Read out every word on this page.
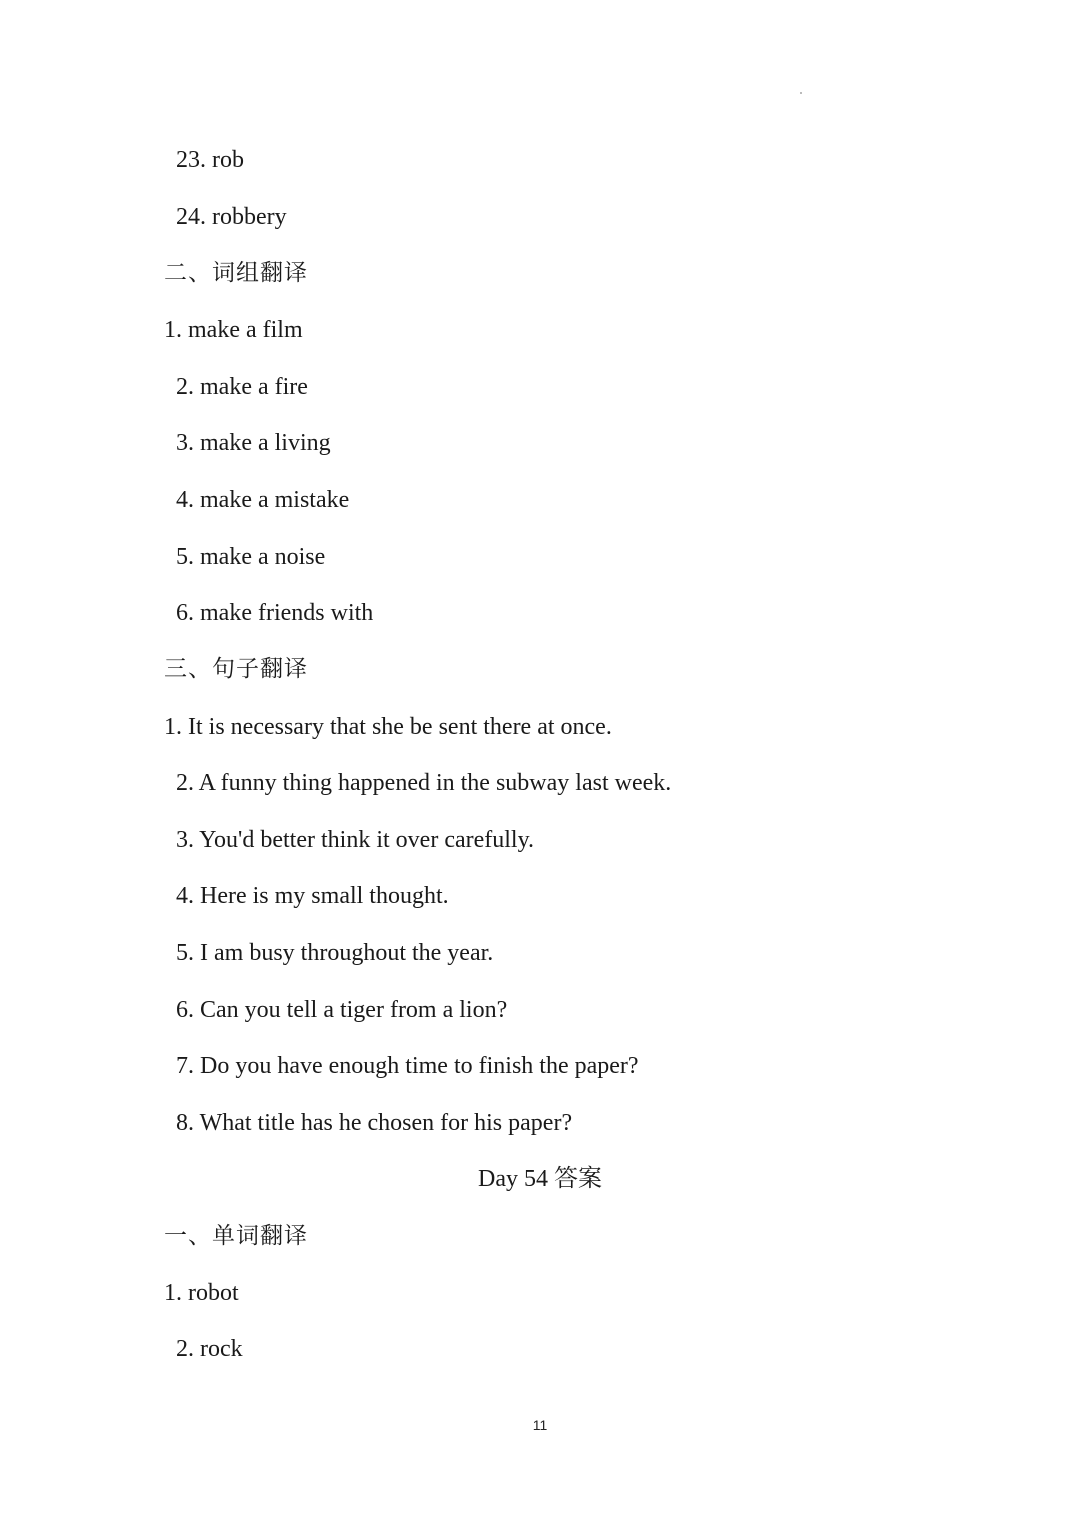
23. rob
24. robbery
二、词组翻译
1. make a film
2. make a fire
3. make a living
4. make a mistake
5. make a noise
6. make friends with
三、句子翻译
1. It is necessary that she be sent there at once.
2. A funny thing happened in the subway last week.
3. You'd better think it over carefully.
4. Here is my small thought.
5. I am busy throughout the year.
6. Can you tell a tiger from a lion?
7. Do you have enough time to finish the paper?
8. What title has he chosen for his paper?
Day 54 答案
一、单词翻译
1. robot
2. rock
11
